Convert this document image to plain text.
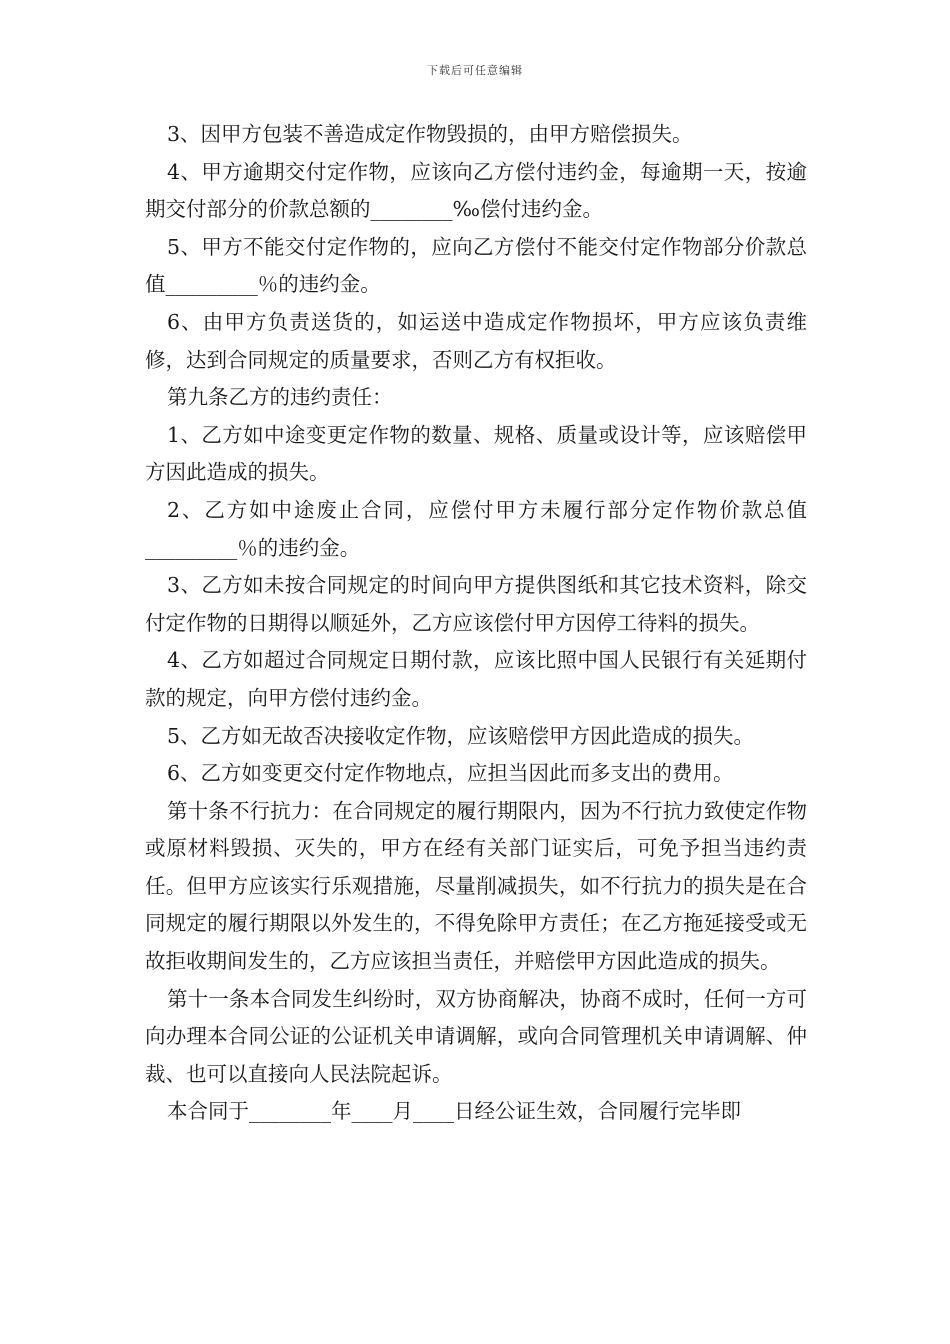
下载后可任意编辑

3、因甲方包装不善造成定作物毁损的，由甲方赔偿损失。

4、甲方逾期交付定作物，应该向乙方偿付违约金，每逾期一天，按逾期交付部分的价款总额的________‰偿付违约金。

5、甲方不能交付定作物的，应向乙方偿付不能交付定作物部分价款总值_________％的违约金。

6、由甲方负责送货的，如运送中造成定作物损坏，甲方应该负责维修，达到合同规定的质量要求，否则乙方有权拒收。

第九条乙方的违约责任：

1、乙方如中途变更定作物的数量、规格、质量或设计等，应该赔偿甲方因此造成的损失。

2、乙方如中途废止合同，应偿付甲方未履行部分定作物价款总值_________％的违约金。

3、乙方如未按合同规定的时间向甲方提供图纸和其它技术资料，除交付定作物的日期得以顺延外，乙方应该偿付甲方因停工待料的损失。

4、乙方如超过合同规定日期付款，应该比照中国人民银行有关延期付款的规定，向甲方偿付违约金。

5、乙方如无故否决接收定作物，应该赔偿甲方因此造成的损失。

6、乙方如变更交付定作物地点，应担当因此而多支出的费用。

第十条不行抗力：在合同规定的履行期限内，因为不行抗力致使定作物或原材料毁损、灭失的，甲方在经有关部门证实后，可免予担当违约责任。但甲方应该实行乐观措施，尽量削减损失，如不行抗力的损失是在合同规定的履行期限以外发生的，不得免除甲方责任；在乙方拖延接受或无故拒收期间发生的，乙方应该担当责任，并赔偿甲方因此造成的损失。

第十一条本合同发生纠纷时，双方协商解决，协商不成时，任何一方可向办理本合同公证的公证机关申请调解，或向合同管理机关申请调解、仲裁、也可以直接向人民法院起诉。

本合同于________年____月____日经公证生效，合同履行完毕即
